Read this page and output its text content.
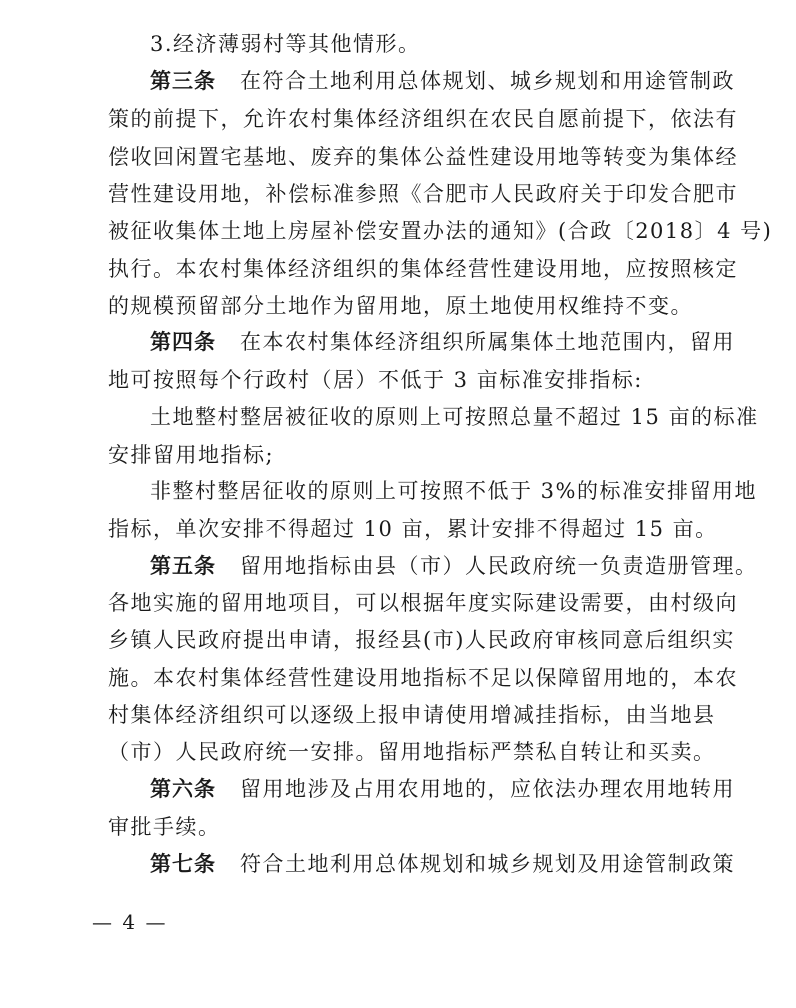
3.经济薄弱村等其他情形。
第三条 在符合土地利用总体规划、城乡规划和用途管制政
策的前提下，允许农村集体经济组织在农民自愿前提下，依法有
偿收回闲置宅基地、废弃的集体公益性建设用地等转变为集体经
营性建设用地，补偿标准参照《合肥市人民政府关于印发合肥市
被征收集体土地上房屋补偿安置办法的通知》(合政〔2018〕4 号)
执行。本农村集体经济组织的集体经营性建设用地，应按照核定
的规模预留部分土地作为留用地，原土地使用权维持不变。
第四条 在本农村集体经济组织所属集体土地范围内，留用
地可按照每个行政村（居）不低于 3 亩标准安排指标:
土地整村整居被征收的原则上可按照总量不超过 15 亩的标准
安排留用地指标;
非整村整居征收的原则上可按照不低于 3%的标准安排留用地
指标，单次安排不得超过 10 亩，累计安排不得超过 15 亩。
第五条 留用地指标由县（市）人民政府统一负责造册管理。
各地实施的留用地项目，可以根据年度实际建设需要，由村级向
乡镇人民政府提出申请，报经县(市)人民政府审核同意后组织实
施。本农村集体经营性建设用地指标不足以保障留用地的，本农
村集体经济组织可以逐级上报申请使用增减挂指标，由当地县
（市）人民政府统一安排。留用地指标严禁私自转让和买卖。
第六条 留用地涉及占用农用地的，应依法办理农用地转用
审批手续。
第七条 符合土地利用总体规划和城乡规划及用途管制政策
— 4 —
